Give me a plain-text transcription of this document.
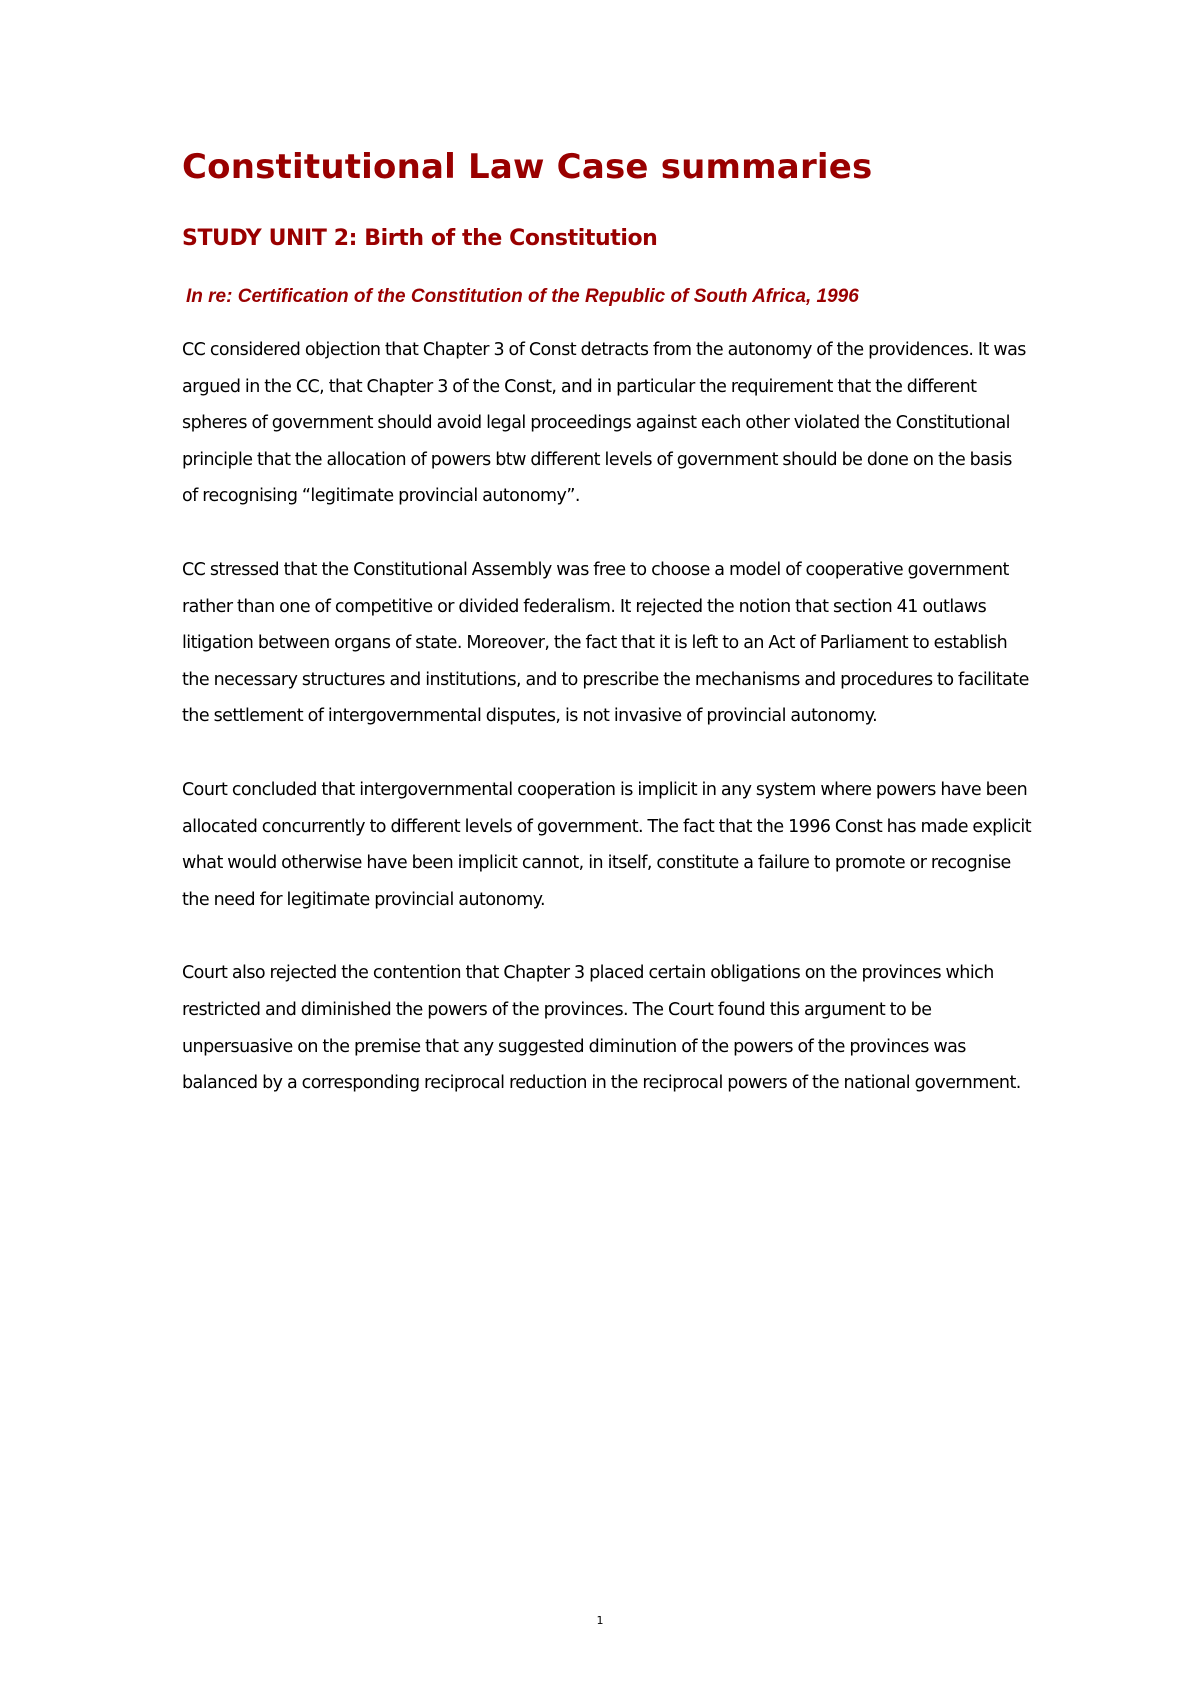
Constitutional Law Case summaries
STUDY UNIT 2: Birth of the Constitution
In re: Certification of the Constitution of the Republic of South Africa, 1996

CC considered objection that Chapter 3 of Const detracts from the autonomy of the providences. It was argued in the CC, that Chapter 3 of the Const, and in particular the requirement that the different spheres of government should avoid legal proceedings against each other violated the Constitutional principle that the allocation of powers btw different levels of government should be done on the basis of recognising “legitimate provincial autonomy”.

CC stressed that the Constitutional Assembly was free to choose a model of cooperative government rather than one of competitive or divided federalism. It rejected the notion that section 41 outlaws litigation between organs of state. Moreover, the fact that it is left to an Act of Parliament to establish the necessary structures and institutions, and to prescribe the mechanisms and procedures to facilitate the settlement of intergovernmental disputes, is not invasive of provincial autonomy.

Court concluded that intergovernmental cooperation is implicit in any system where powers have been allocated concurrently to different levels of government. The fact that the 1996 Const has made explicit what would otherwise have been implicit cannot, in itself, constitute a failure to promote or recognise the need for legitimate provincial autonomy.

Court also rejected the contention that Chapter 3 placed certain obligations on the provinces which restricted and diminished the powers of the provinces. The Court found this argument to be unpersuasive on the premise that any suggested diminution of the powers of the provinces was balanced by a corresponding reciprocal reduction in the reciprocal powers of the national government.

1
